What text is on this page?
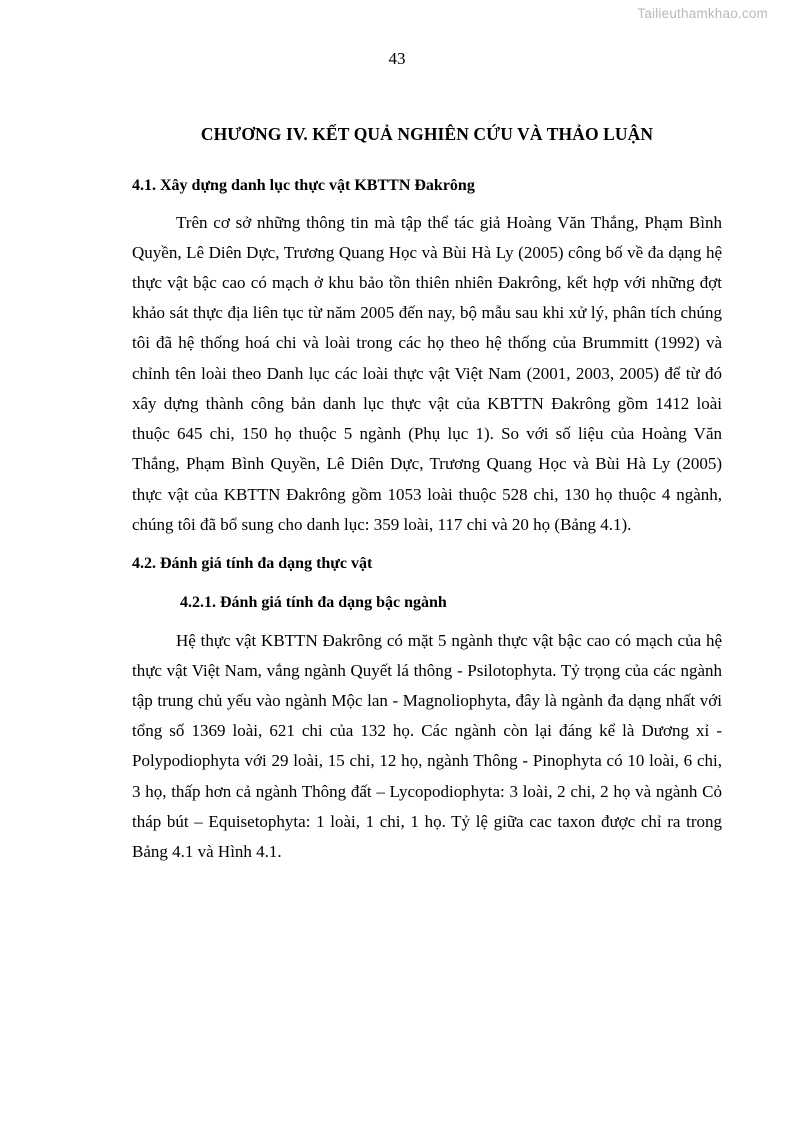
Tailieuthamkhao.com
43
CHƯƠNG IV. KẾT QUẢ NGHIÊN CỨU VÀ THẢO LUẬN
4.1. Xây dựng danh lục thực vật KBTTN Đakrông

Trên cơ sở những thông tin mà tập thể tác giả Hoàng Văn Thắng, Phạm Bình Quyền, Lê Diên Dực, Trương Quang Học và Bùi Hà Ly (2005) công bố về đa dạng hệ thực vật bậc cao có mạch ở khu bảo tồn thiên nhiên Đakrông, kết hợp với những đợt khảo sát thực địa liên tục từ năm 2005 đến nay, bộ mẫu sau khi xử lý, phân tích chúng tôi đã hệ thống hoá chi và loài trong các họ theo hệ thống của Brummitt (1992) và chỉnh tên loài theo Danh lục các loài thực vật Việt Nam (2001, 2003, 2005) để từ đó xây dựng thành công bản danh lục thực vật của KBTTN Đakrông gồm 1412 loài thuộc 645 chi, 150 họ thuộc 5 ngành (Phụ lục 1). So với số liệu của Hoàng Văn Thắng, Phạm Bình Quyền, Lê Diên Dực, Trương Quang Học và Bùi Hà Ly (2005) thực vật của KBTTN Đakrông gồm 1053 loài thuộc 528 chi, 130 họ thuộc 4 ngành, chúng tôi đã bổ sung cho danh lục: 359 loài, 117 chi và 20 họ (Bảng 4.1).

4.2. Đánh giá tính đa dạng thực vật
4.2.1. Đánh giá tính đa dạng bậc ngành

Hệ thực vật KBTTN Đakrông có mặt 5 ngành thực vật bậc cao có mạch của hệ thực vật Việt Nam, vắng ngành Quyết lá thông - Psilotophyta. Tỷ trọng của các ngành tập trung chủ yếu vào ngành Mộc lan - Magnoliophyta, đây là ngành đa dạng nhất với tổng số 1369 loài, 621 chi của 132 họ. Các ngành còn lại đáng kể là Dương xỉ - Polypodiophyta với 29 loài, 15 chi, 12 họ, ngành Thông - Pinophyta có 10 loài, 6 chi, 3 họ, thấp hơn cả ngành Thông đất – Lycopodiophyta: 3 loài, 2 chi, 2 họ và ngành Cỏ tháp bút – Equisetophyta: 1 loài, 1 chi, 1 họ. Tỷ lệ giữa cac taxon được chỉ ra trong Bảng 4.1 và Hình 4.1.
